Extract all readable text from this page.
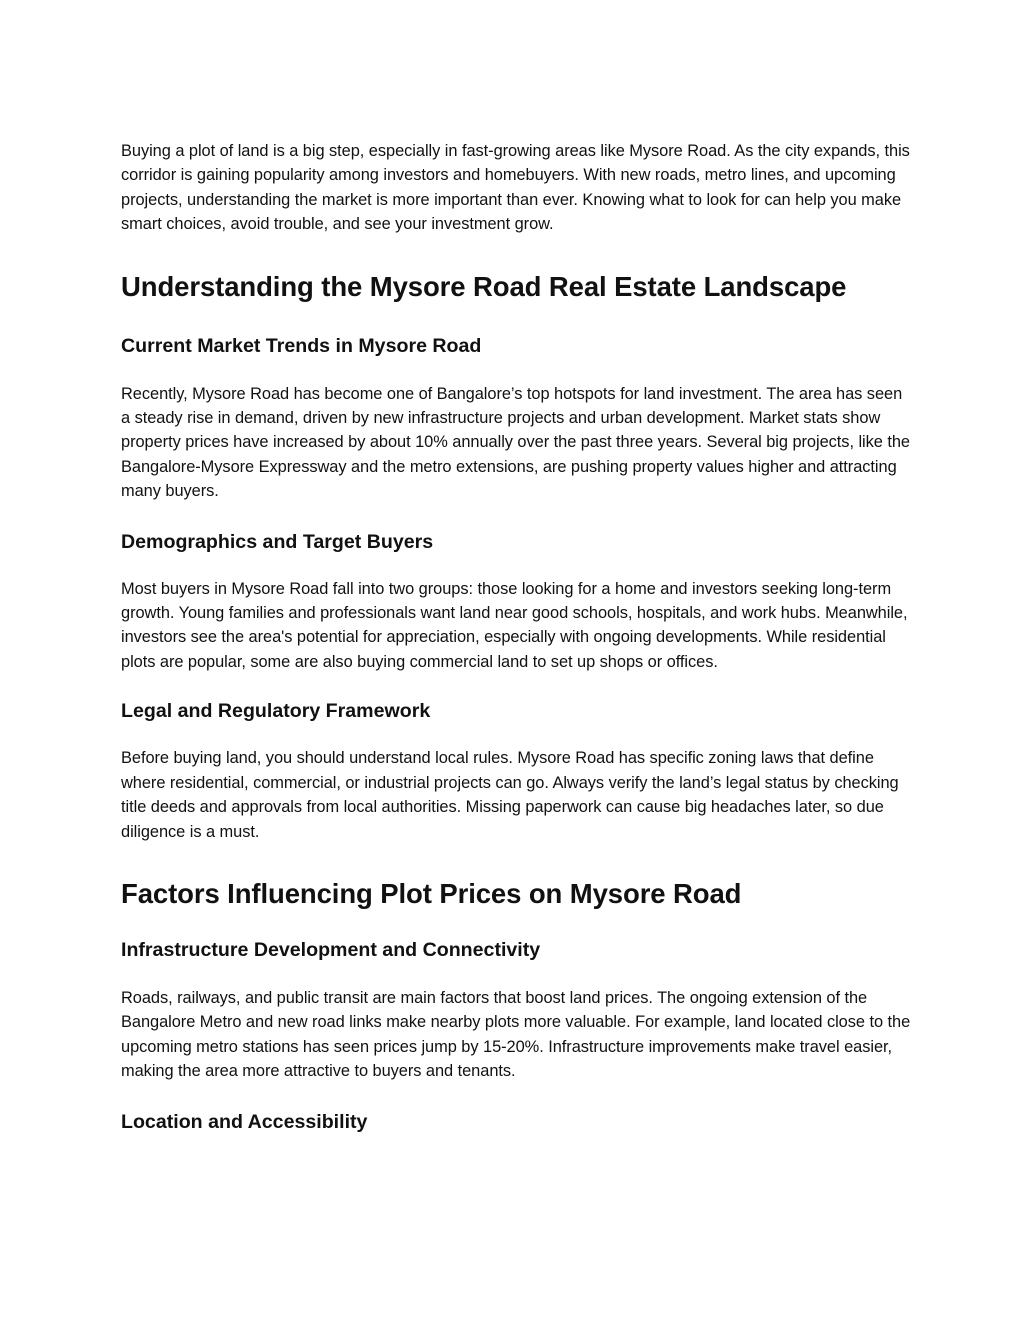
Buying a plot of land is a big step, especially in fast-growing areas like Mysore Road. As the city expands, this corridor is gaining popularity among investors and homebuyers. With new roads, metro lines, and upcoming projects, understanding the market is more important than ever. Knowing what to look for can help you make smart choices, avoid trouble, and see your investment grow.

Understanding the Mysore Road Real Estate Landscape
Current Market Trends in Mysore Road

Recently, Mysore Road has become one of Bangalore’s top hotspots for land investment. The area has seen a steady rise in demand, driven by new infrastructure projects and urban development. Market stats show property prices have increased by about 10% annually over the past three years. Several big projects, like the Bangalore-Mysore Expressway and the metro extensions, are pushing property values higher and attracting many buyers.

Demographics and Target Buyers

Most buyers in Mysore Road fall into two groups: those looking for a home and investors seeking long-term growth. Young families and professionals want land near good schools, hospitals, and work hubs. Meanwhile, investors see the area's potential for appreciation, especially with ongoing developments. While residential plots are popular, some are also buying commercial land to set up shops or offices.

Legal and Regulatory Framework

Before buying land, you should understand local rules. Mysore Road has specific zoning laws that define where residential, commercial, or industrial projects can go. Always verify the land’s legal status by checking title deeds and approvals from local authorities. Missing paperwork can cause big headaches later, so due diligence is a must.

Factors Influencing Plot Prices on Mysore Road
Infrastructure Development and Connectivity

Roads, railways, and public transit are main factors that boost land prices. The ongoing extension of the Bangalore Metro and new road links make nearby plots more valuable. For example, land located close to the upcoming metro stations has seen prices jump by 15-20%. Infrastructure improvements make travel easier, making the area more attractive to buyers and tenants.

Location and Accessibility
